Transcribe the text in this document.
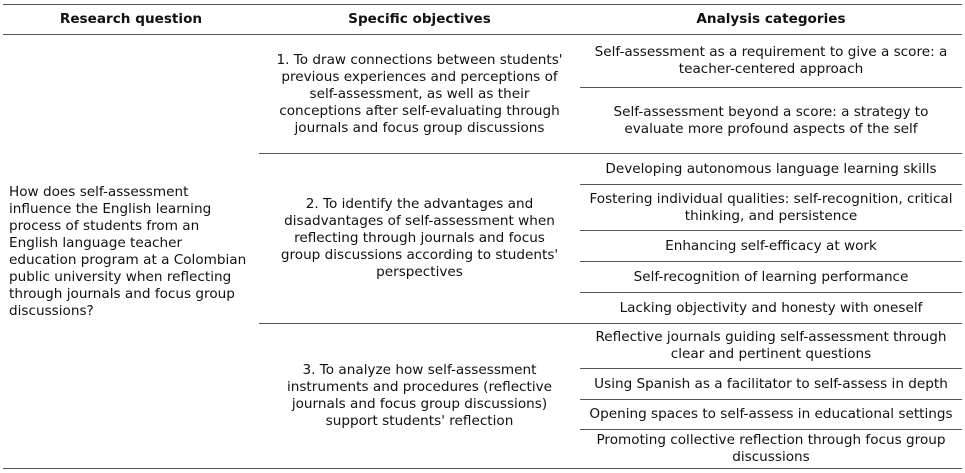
Research question	Specific objectives	Analysis categories
How does self-assessment influence the English learning process of students from an English language teacher education program at a Colombian public university when reflecting through journals and focus group discussions?	1. To draw connections between students' previous experiences and perceptions of self-assessment, as well as their conceptions after self-evaluating through journals and focus group discussions	Self-assessment as a requirement to give a score: a teacher-centered approach
		Self-assessment beyond a score: a strategy to evaluate more profound aspects of the self
	2. To identify the advantages and disadvantages of self-assessment when reflecting through journals and focus group discussions according to students' perspectives	Developing autonomous language learning skills
		Fostering individual qualities: self-recognition, critical thinking, and persistence
		Enhancing self-efficacy at work
		Self-recognition of learning performance
		Lacking objectivity and honesty with oneself
	3. To analyze how self-assessment instruments and procedures (reflective journals and focus group discussions) support students' reflection	Reflective journals guiding self-assessment through clear and pertinent questions
		Using Spanish as a facilitator to self-assess in depth
		Opening spaces to self-assess in educational settings
		Promoting collective reflection through focus group discussions
